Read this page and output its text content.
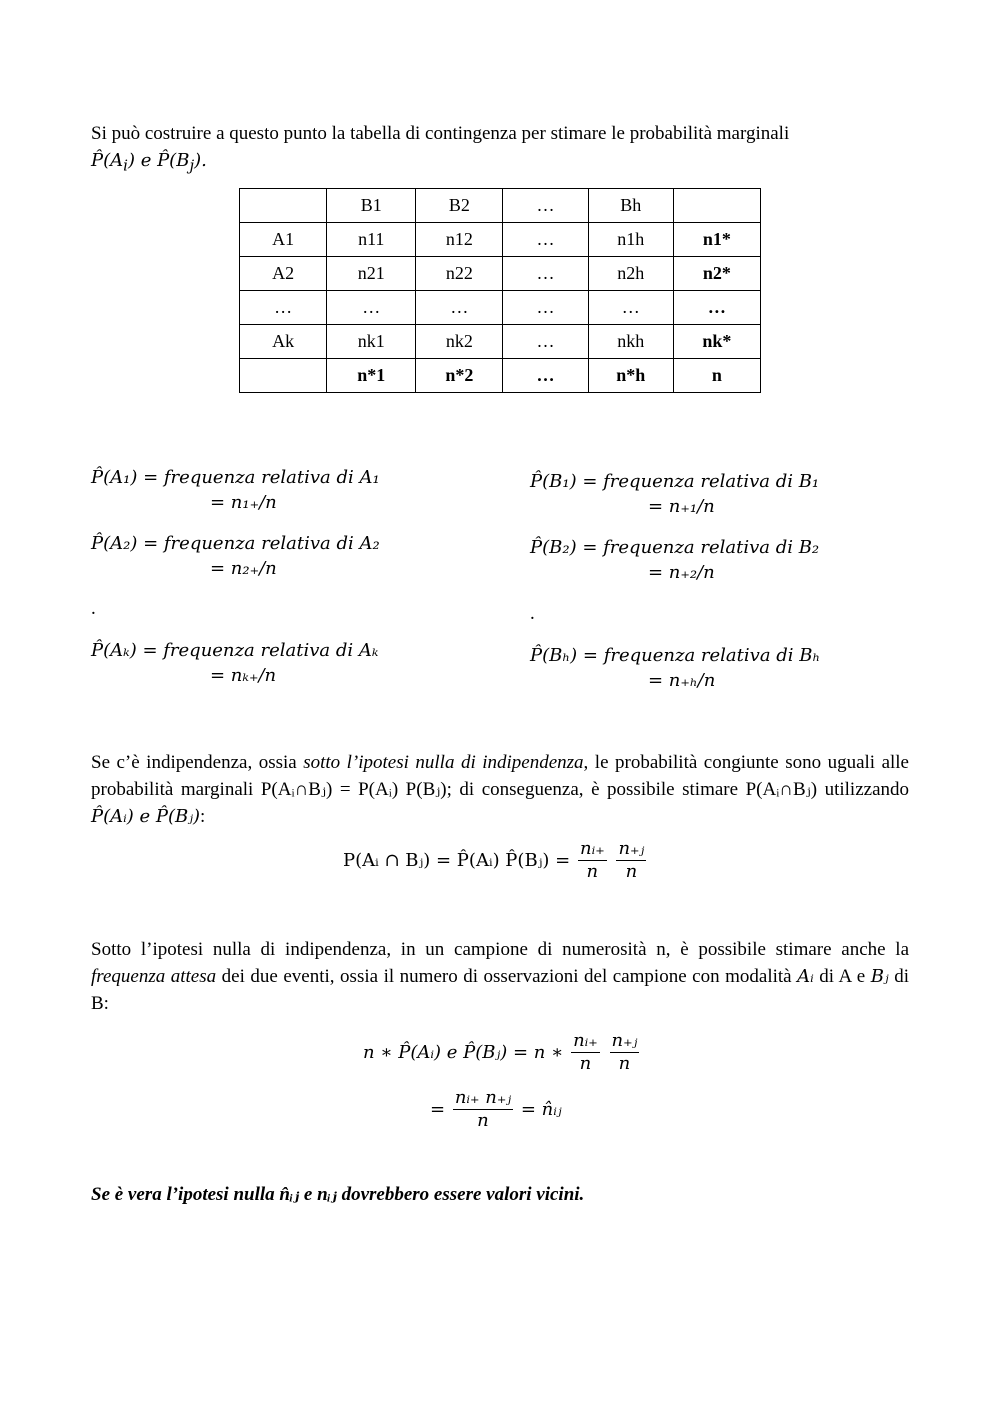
Si può costruire a questo punto la tabella di contingenza per stimare le probabilità marginali
$P̂(A_i)$ e $P̂(B_j)$.
	B1	B2	…	Bh	
A1	n11	n12	…	n1h	n1*
A2	n21	n22	…	n2h	n2*
…	…	…	…	…	…
Ak	nk1	nk2	…	nkh	nk*
	n*1	n*2	…	n*h	n
P̂(A₁) = frequenza relativa di A₁
= n₁₊/n
P̂(A₂) = frequenza relativa di A₂
= n₂₊/n
.
P̂(Aₖ) = frequenza relativa di Aₖ
= nₖ₊/n
P̂(B₁) = frequenza relativa di B₁
= n₊₁/n
P̂(B₂) = frequenza relativa di B₂
= n₊₂/n
.
P̂(Bₕ) = frequenza relativa di Bₕ
= n₊ₕ/n
Se c’è indipendenza, ossia sotto l’ipotesi nulla di indipendenza, le probabilità congiunte sono uguali alle probabilità marginali P(Aᵢ∩Bⱼ) = P(Aᵢ) P(Bⱼ); di conseguenza, è possibile stimare P(Aᵢ∩Bⱼ) utilizzando P̂(Aᵢ) e P̂(Bⱼ):
P(Aᵢ ∩ Bⱼ) = P̂(Aᵢ) P̂(Bⱼ) = $\frac{\text{nᵢ₊}}{n}$
$\frac{\text{n₊ⱼ}}{n}$
Sotto l’ipotesi nulla di indipendenza, in un campione di numerosità n, è possibile stimare anche la frequenza attesa dei due eventi, ossia il numero di osservazioni del campione con modalità Aᵢ di A e Bⱼ di B:
n ∗ P̂(Aᵢ) e P̂(Bⱼ) = n ∗ $\frac{\text{nᵢ₊}}{n}$
$\frac{\text{n₊ⱼ}}{n}$
= $\frac{\text{nᵢ₊ n₊ⱼ}}{n}$ = n̂ᵢⱼ
Se è vera l’ipotesi nulla n̂ᵢⱼ e nᵢⱼ dovrebbero essere valori vicini.
